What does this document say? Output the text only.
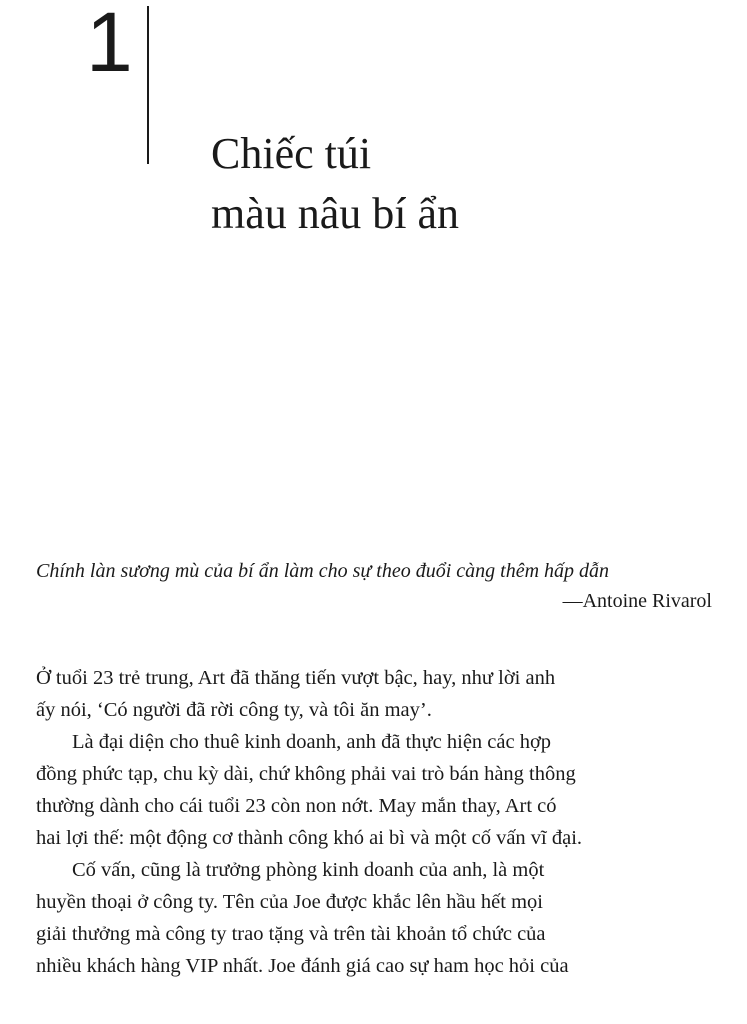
1
Chiếc túi
màu nâu bí ẩn
Chính làn sương mù của bí ẩn làm cho sự theo đuổi càng thêm hấp dẫn
—Antoine Rivarol

Ở tuổi 23 trẻ trung, Art đã thăng tiến vượt bậc, hay, như lời anh
ấy nói, ‘Có người đã rời công ty, và tôi ăn may’.

Là đại diện cho thuê kinh doanh, anh đã thực hiện các hợp
đồng phức tạp, chu kỳ dài, chứ không phải vai trò bán hàng thông
thường dành cho cái tuổi 23 còn non nớt. May mắn thay, Art có
hai lợi thế: một động cơ thành công khó ai bì và một cố vấn vĩ đại.

Cố vấn, cũng là trưởng phòng kinh doanh của anh, là một
huyền thoại ở công ty. Tên của Joe được khắc lên hầu hết mọi
giải thưởng mà công ty trao tặng và trên tài khoản tổ chức của
nhiều khách hàng VIP nhất. Joe đánh giá cao sự ham học hỏi của
